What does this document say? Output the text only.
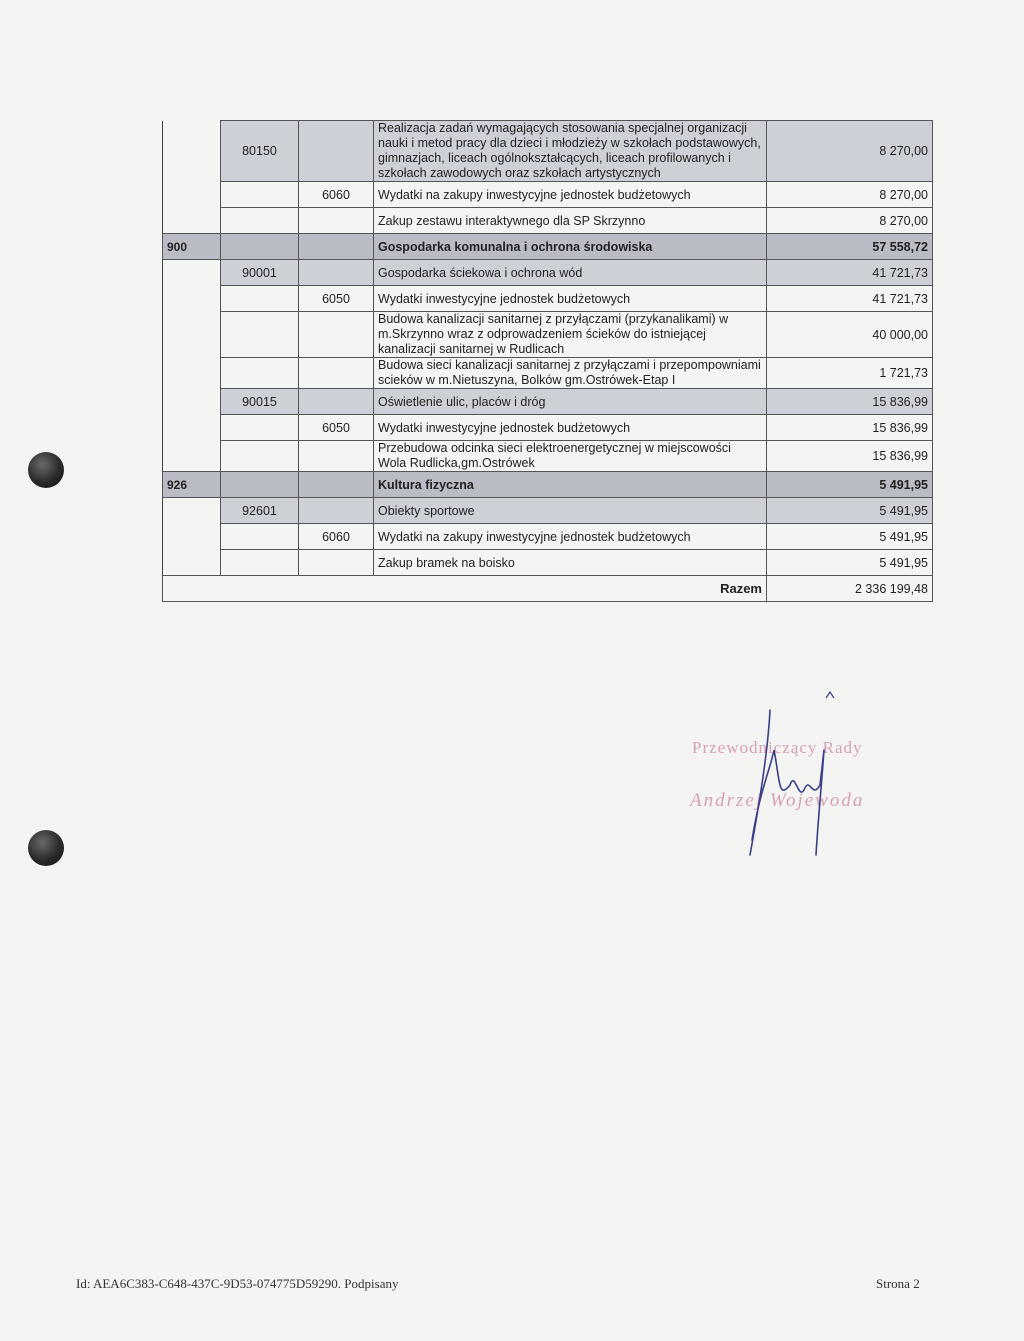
	80150		Realizacja zadań wymagających stosowania specjalnej organizacji nauki i metod pracy dla dzieci i młodzieży w szkołach podstawowych, gimnazjach, liceach ogólnokształcących, liceach profilowanych i szkołach zawodowych oraz szkołach artystycznych	8 270,00
		6060	Wydatki na zakupy inwestycyjne jednostek budżetowych	8 270,00
			Zakup zestawu interaktywnego dla SP Skrzynno	8 270,00
900			Gospodarka komunalna i ochrona środowiska	57 558,72
	90001		Gospodarka ściekowa i ochrona wód	41 721,73
		6050	Wydatki inwestycyjne jednostek budżetowych	41 721,73
			Budowa kanalizacji sanitarnej z przyłączami (przykanalikami) w m.Skrzynno wraz z odprowadzeniem ścieków do istniejącej kanalizacji sanitarnej w Rudlicach	40 000,00
			Budowa sieci kanalizacji sanitarnej z przyłączami i przepompowniami scieków w m.Nietuszyna, Bolków gm.Ostrówek-Etap I	1 721,73
	90015		Oświetlenie ulic, placów i dróg	15 836,99
		6050	Wydatki inwestycyjne jednostek budżetowych	15 836,99
			Przebudowa odcinka sieci elektroenergetycznej w miejscowości Wola Rudlicka,gm.Ostrówek	15 836,99
926			Kultura fizyczna	5 491,95
	92601		Obiekty sportowe	5 491,95
		6060	Wydatki na zakupy inwestycyjne jednostek budżetowych	5 491,95
			Zakup bramek na boisko	5 491,95
Razem				2 336 199,48
Przewodniczący Rady
Andrzej Wojewoda
Id: AEA6C383-C648-437C-9D53-074775D59290. Podpisany	Strona 2
